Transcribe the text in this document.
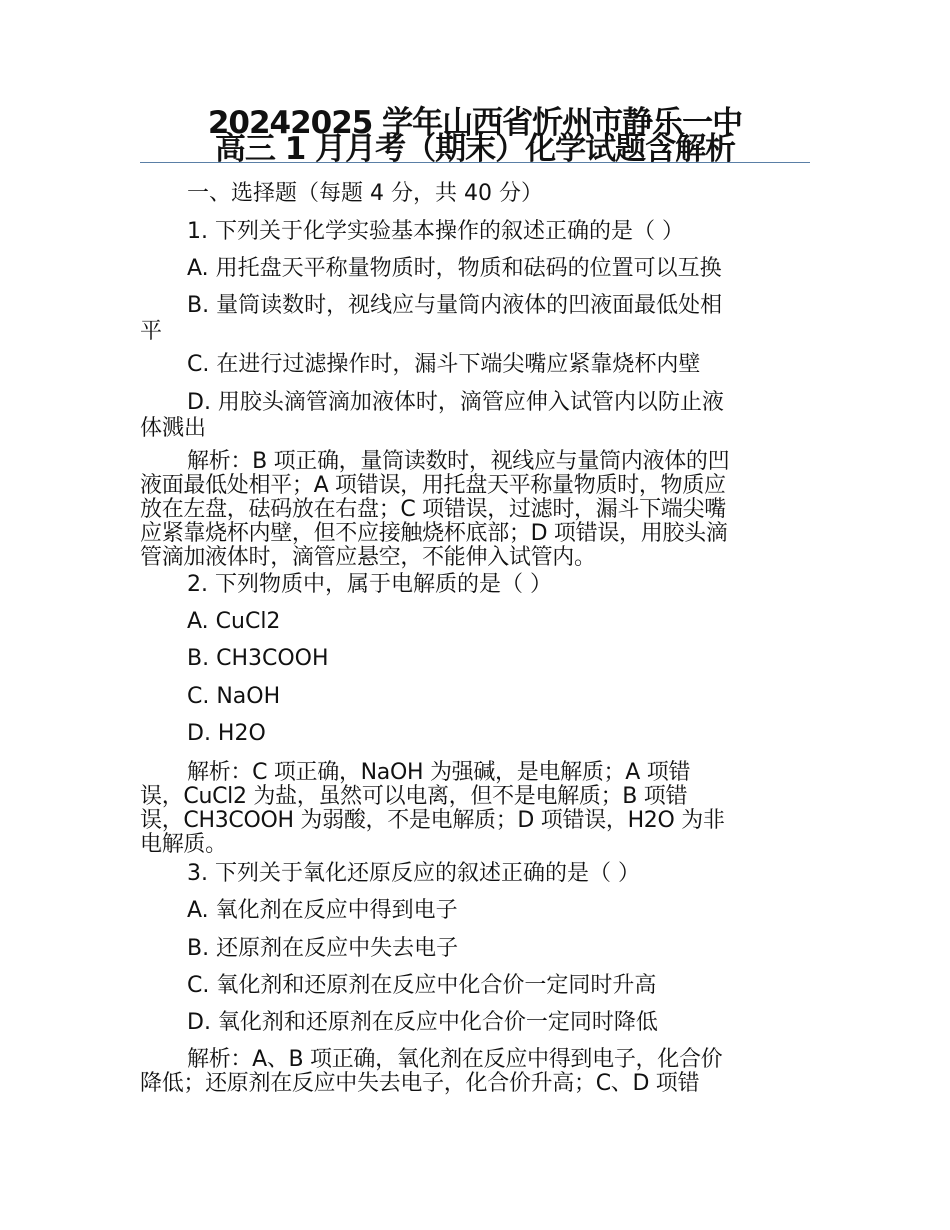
20242025 学年山西省忻州市静乐一中
高三 1 月月考（期末）化学试题含解析
一、选择题（每题 4 分，共 40 分）
1. 下列关于化学实验基本操作的叙述正确的是（ ）
A. 用托盘天平称量物质时，物质和砝码的位置可以互换
B. 量筒读数时，视线应与量筒内液体的凹液面最低处相
平
C. 在进行过滤操作时，漏斗下端尖嘴应紧靠烧杯内壁
D. 用胶头滴管滴加液体时，滴管应伸入试管内以防止液
体溅出
解析：B 项正确，量筒读数时，视线应与量筒内液体的凹
液面最低处相平；A 项错误，用托盘天平称量物质时，物质应
放在左盘，砝码放在右盘；C 项错误，过滤时，漏斗下端尖嘴
应紧靠烧杯内壁，但不应接触烧杯底部；D 项错误，用胶头滴
管滴加液体时，滴管应悬空，不能伸入试管内。
2. 下列物质中，属于电解质的是（ ）
A. CuCl2
B. CH3COOH
C. NaOH
D. H2O
解析：C 项正确，NaOH 为强碱，是电解质；A 项错
误，CuCl2 为盐，虽然可以电离，但不是电解质；B 项错
误，CH3COOH 为弱酸，不是电解质；D 项错误，H2O 为非
电解质。
3. 下列关于氧化还原反应的叙述正确的是（ ）
A. 氧化剂在反应中得到电子
B. 还原剂在反应中失去电子
C. 氧化剂和还原剂在反应中化合价一定同时升高
D. 氧化剂和还原剂在反应中化合价一定同时降低
解析：A、B 项正确，氧化剂在反应中得到电子，化合价
降低；还原剂在反应中失去电子，化合价升高；C、D 项错
